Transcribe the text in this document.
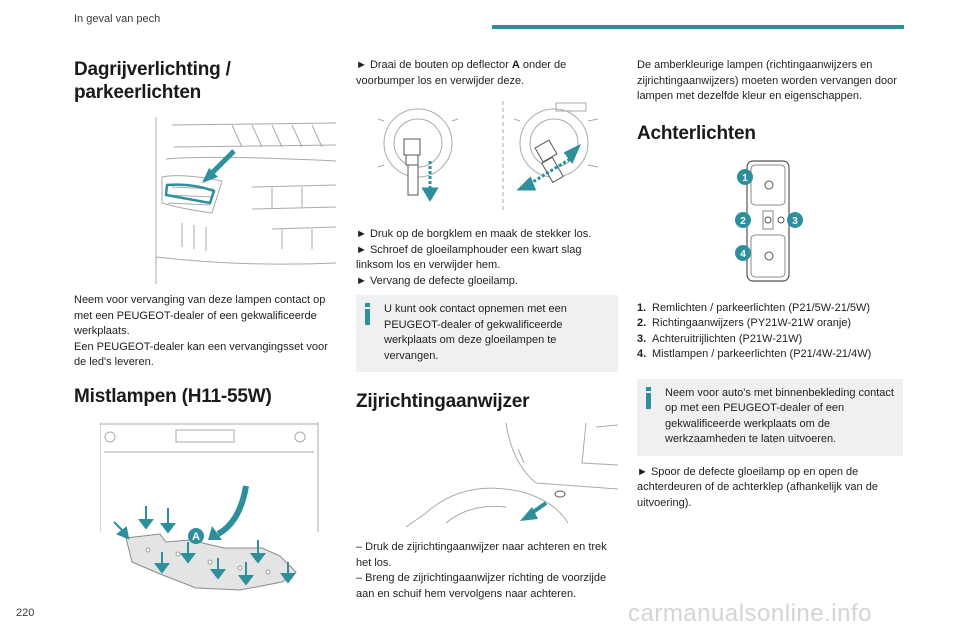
In geval van pech
Dagrijverlichting /
parkeerlichten

Neem voor vervanging van deze lampen contact op met een PEUGEOT-dealer of een gekwalificeerde werkplaats.

Een PEUGEOT-dealer kan een vervangingsset voor de led's leveren.

Mistlampen (H11-55W)
A

► Draai de bouten op deflector A onder de voorbumper los en verwijder deze.

► Druk op de borgklem en maak de stekker los.

► Schroef de gloeilamphouder een kwart slag linksom los en verwijder hem.

► Vervang de defecte gloeilamp.

U kunt ook contact opnemen met een PEUGEOT-dealer of gekwalificeerde werkplaats om deze gloeilampen te vervangen.
Zijrichtingaanwijzer

– Druk de zijrichtingaanwijzer naar achteren en trek het los.

– Breng de zijrichtingaanwijzer richting de voorzijde aan en schuif hem vervolgens naar achteren.

De amberkleurige lampen (richtingaanwijzers en zijrichtingaanwijzers) moeten worden vervangen door lampen met dezelfde kleur en eigenschappen.

Achterlichten
1
2	3
4
1. Remlichten / parkeerlichten (P21/5W-21/5W)
2. Richtingaanwijzers (PY21W-21W oranje)
3. Achteruitrijlichten (P21W-21W)
4. Mistlampen / parkeerlichten (P21/4W-21/4W)
Neem voor auto's met binnenbekleding contact op met een PEUGEOT-dealer of een gekwalificeerde werkplaats om de werkzaamheden te laten uitvoeren.

► Spoor de defecte gloeilamp op en open de achterdeuren of de achterklep (afhankelijk van de uitvoering).

220	carmanualsonline.info
